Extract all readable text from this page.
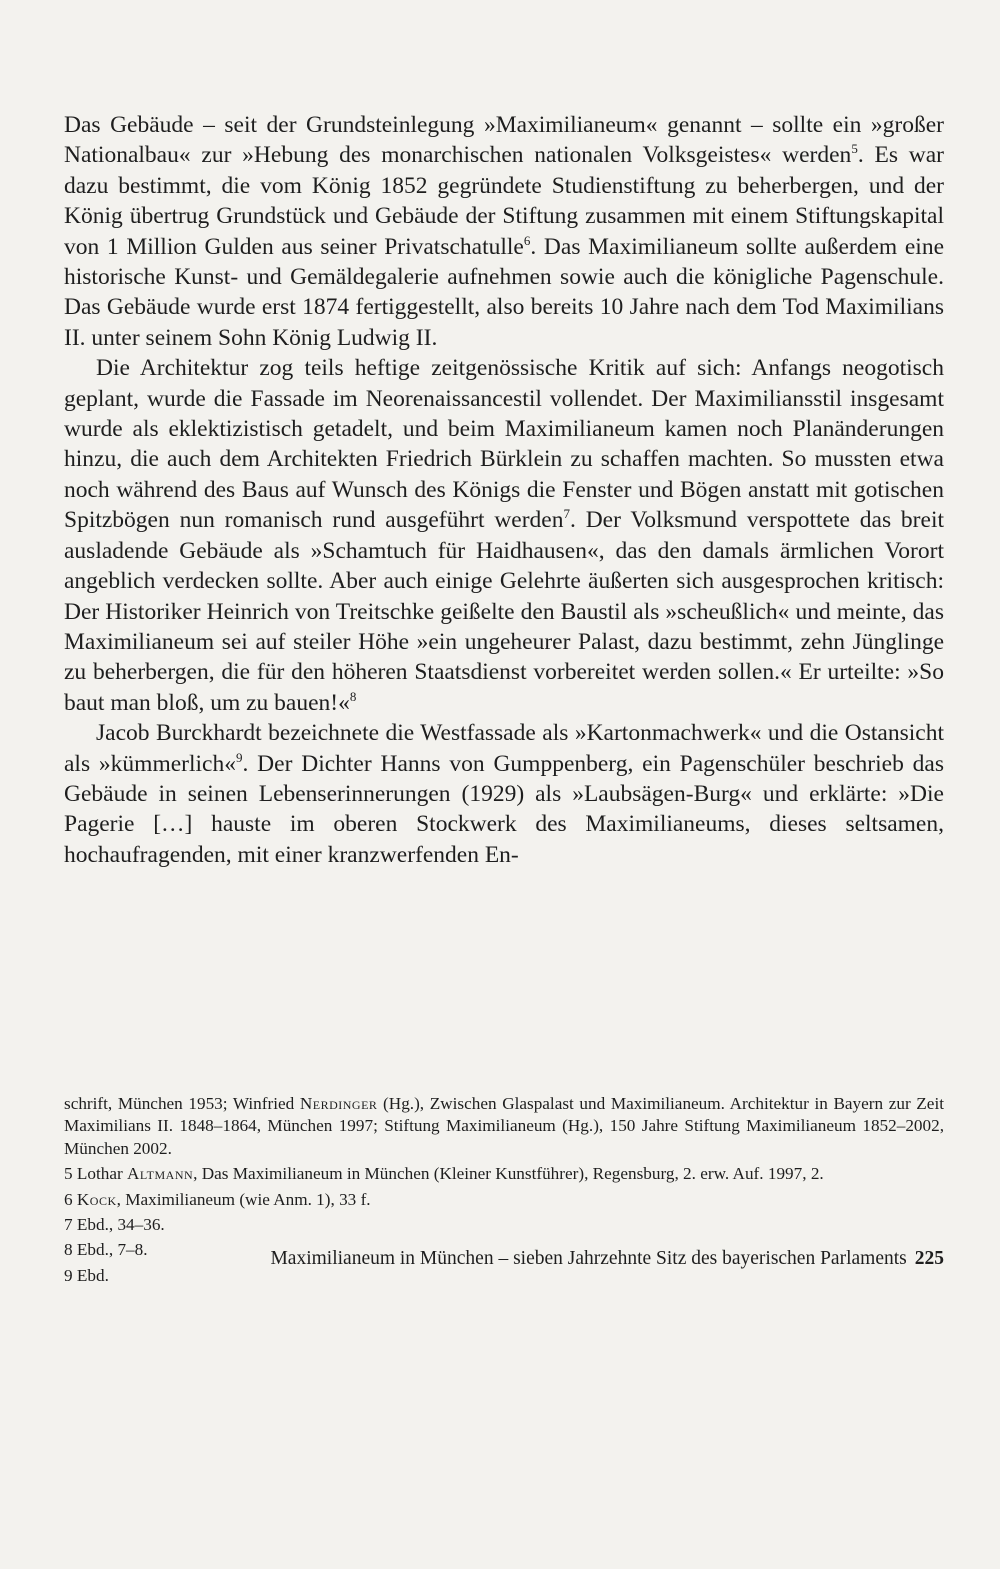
Das Gebäude – seit der Grundsteinlegung »Maximilianeum« genannt – sollte ein »großer Nationalbau« zur »Hebung des monarchischen nationalen Volksgeistes« werden$^5$. Es war dazu bestimmt, die vom König 1852 gegründete Studienstiftung zu beherbergen, und der König übertrug Grundstück und Gebäude der Stiftung zusammen mit einem Stiftungskapital von 1 Million Gulden aus seiner Privatschatulle$^6$. Das Maximilianeum sollte außerdem eine historische Kunst- und Gemäldegalerie aufnehmen sowie auch die königliche Pagenschule. Das Gebäude wurde erst 1874 fertiggestellt, also bereits 10 Jahre nach dem Tod Maximilians II. unter seinem Sohn König Ludwig II.

Die Architektur zog teils heftige zeitgenössische Kritik auf sich: Anfangs neogotisch geplant, wurde die Fassade im Neorenaissancestil vollendet. Der Maximiliansstil insgesamt wurde als eklektizistisch getadelt, und beim Maximilianeum kamen noch Planänderungen hinzu, die auch dem Architekten Friedrich Bürklein zu schaffen machten. So mussten etwa noch während des Baus auf Wunsch des Königs die Fenster und Bögen anstatt mit gotischen Spitzbögen nun romanisch rund ausgeführt werden$^7$. Der Volksmund verspottete das breit ausladende Gebäude als »Schamtuch für Haidhausen«, das den damals ärmlichen Vorort angeblich verdecken sollte. Aber auch einige Gelehrte äußerten sich ausgesprochen kritisch: Der Historiker Heinrich von Treitschke geißelte den Baustil als »scheußlich« und meinte, das Maximilianeum sei auf steiler Höhe »ein ungeheurer Palast, dazu bestimmt, zehn Jünglinge zu beherbergen, die für den höheren Staatsdienst vorbereitet werden sollen.« Er urteilte: »So baut man bloß, um zu bauen!«$^8$

Jacob Burckhardt bezeichnete die Westfassade als »Kartonmachwerk« und die Ostansicht als »kümmerlich«$^9$. Der Dichter Hanns von Gumppenberg, ein Pagenschüler beschrieb das Gebäude in seinen Lebenserinnerungen (1929) als »Laubsägen-Burg« und erklärte: »Die Pagerie […] hauste im oberen Stockwerk des Maximilianeums, dieses seltsamen, hochaufragenden, mit einer kranzwerfenden En-

schrift, München 1953; Winfried Nerdinger (Hg.), Zwischen Glaspalast und Maximilianeum. Architektur in Bayern zur Zeit Maximilians II. 1848–1864, München 1997; Stiftung Maximilianeum (Hg.), 150 Jahre Stiftung Maximilianeum 1852–2002, München 2002.

5 Lothar Altmann, Das Maximilianeum in München (Kleiner Kunstführer), Regensburg, 2. erw. Auf. 1997, 2.

6 Kock, Maximilianeum (wie Anm. 1), 33 f.

7 Ebd., 34–36.

8 Ebd., 7–8.

9 Ebd.

Maximilianeum in München – sieben Jahrzehnte Sitz des bayerischen Parlaments 225
